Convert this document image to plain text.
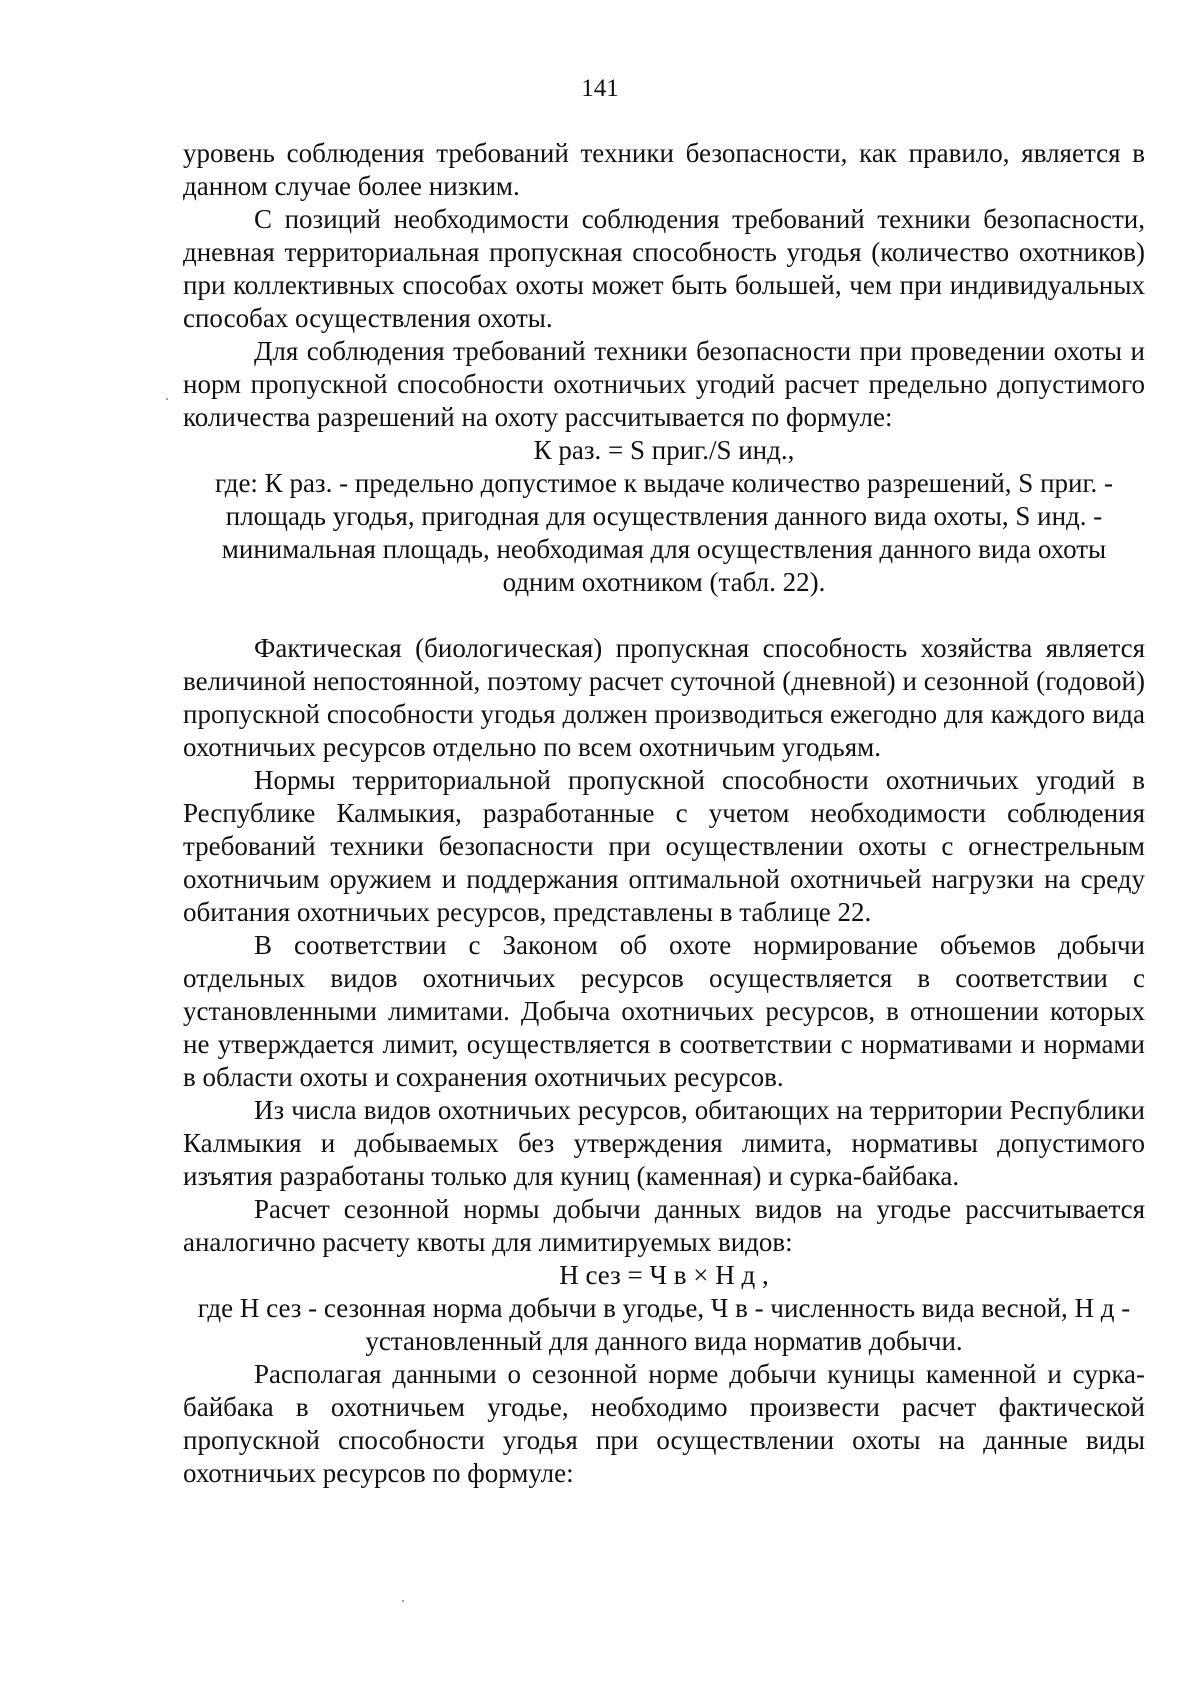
141

уровень соблюдения требований техники безопасности, как правило, является в данном случае более низким.

С позиций необходимости соблюдения требований техники безопасности, дневная территориальная пропускная способность угодья (количество охотников) при коллективных способах охоты может быть большей, чем при индивидуальных способах осуществления охоты.

Для соблюдения требований техники безопасности при проведении охоты и норм пропускной способности охотничьих угодий расчет предельно допустимого количества разрешений на охоту рассчитывается по формуле:

К раз. = S приг./S инд.,

где: К раз. - предельно допустимое к выдаче количество разрешений, S приг. - площадь угодья, пригодная для осуществления данного вида охоты, S инд. - минимальная площадь, необходимая для осуществления данного вида охоты одним охотником (табл. 22).

Фактическая (биологическая) пропускная способность хозяйства является величиной непостоянной, поэтому расчет суточной (дневной) и сезонной (годовой) пропускной способности угодья должен производиться ежегодно для каждого вида охотничьих ресурсов отдельно по всем охотничьим угодьям.

Нормы территориальной пропускной способности охотничьих угодий в Республике Калмыкия, разработанные с учетом необходимости соблюдения требований техники безопасности при осуществлении охоты с огнестрельным охотничьим оружием и поддержания оптимальной охотничьей нагрузки на среду обитания охотничьих ресурсов, представлены в таблице 22.

В соответствии с Законом об охоте нормирование объемов добычи отдельных видов охотничьих ресурсов осуществляется в соответствии с установленными лимитами. Добыча охотничьих ресурсов, в отношении которых не утверждается лимит, осуществляется в соответствии с нормативами и нормами в области охоты и сохранения охотничьих ресурсов.

Из числа видов охотничьих ресурсов, обитающих на территории Республики Калмыкия и добываемых без утверждения лимита, нормативы допустимого изъятия разработаны только для куниц (каменная) и сурка-байбака.

Расчет сезонной нормы добычи данных видов на угодье рассчитывается аналогично расчету квоты для лимитируемых видов:

Н сез = Ч в × Н д ,

где Н сез - сезонная норма добычи в угодье, Ч в - численность вида весной, Н д - установленный для данного вида норматив добычи.

Располагая данными о сезонной норме добычи куницы каменной и сурка-байбака в охотничьем угодье, необходимо произвести расчет фактической пропускной способности угодья при осуществлении охоты на данные виды охотничьих ресурсов по формуле:
